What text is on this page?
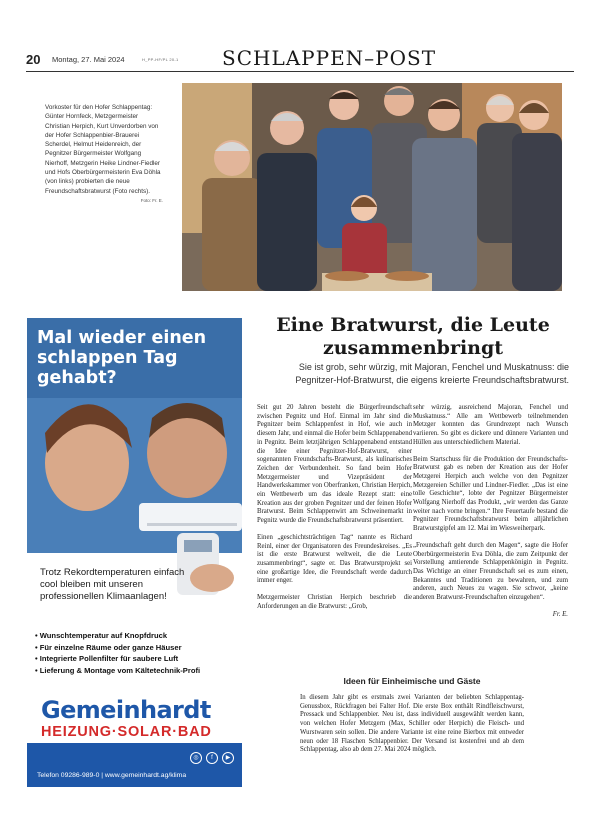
20 Montag, 27. Mai 2024	H_PP-HF/PL 20-1 SCHLAPPEN–POST
Vorkoster für den Hofer Schlappentag: Günter Hornfeck, Metzgermeister Christian Herpich, Kurt Unverdorben von der Hofer Schlappenbier-Brauerei Scherdel, Helmut Heidenreich, der Pegnitzer Bürgermeister Wolfgang Nierhoff, Metzgerin Heike Lindner-Fiedler und Hofs Oberbürgermeisterin Eva Döhla (von links) probierten die neue Freundschaftsbratwurst (Foto rechts).
Foto: Fr. E.
Mal wieder einen schlappen Tag gehabt?
Trotz Rekordtemperaturen einfach cool bleiben mit unseren professionellen Klimaanlagen!
• Wunschtemperatur auf Knopfdruck
• Für einzelne Räume oder ganze Häuser
• Integrierte Pollenfilter für saubere Luft
• Lieferung & Montage vom Kältetechnik-Profi
Gemeinhardt
HEIZUNG·SOLAR·BAD
◎	f	▶
Telefon 09286-989-0 | www.gemeinhardt.ag/klima
Eine Bratwurst, die Leute zusammenbringt

Sie ist grob, sehr würzig, mit Majoran, Fenchel und Muskatnuss: die Pegnitzer-Hof-Bratwurst, die eigens kreierte Freundschaftsbratwurst.

Seit gut 20 Jahren besteht die Bürgerfreundschaft zwischen Pegnitz und Hof. Einmal im Jahr sind die Pegnitzer beim Schlappenfest in Hof, wie auch in diesem Jahr, und einmal die Hofer beim Schlappenabend in Pegnitz. Beim letztjährigen Schlappenabend entstand die Idee einer Pegnitzer-Hof-Bratwurst, einer sogenannten Freundschafts-Bratwurst, als kulinarisches Zeichen der Verbundenheit. So fand beim Hofer Metzgermeister und Vizepräsident der Handwerkskammer von Oberfranken, Christian Herpich, ein Wettbewerb um das ideale Rezept statt: eine Kreation aus der groben Pegnitzer und der feinen Hofer Bratwurst. Beim Schlappenwirt am Schweinemarkt in Pegnitz wurde die Freundschaftsbratwurst präsentiert.

Einen „geschichtsträchtigen Tag“ nannte es Richard Reinl, einer der Organisatoren des Freundeskreises. „Es ist die erste Bratwurst weltweit, die die Leute zusammenbringt“, sagte er. Das Bratwurstprojekt sei eine großartige Idee, die Freundschaft werde dadurch immer enger.

Metzgermeister Christian Herpich beschrieb die Anforderungen an die Bratwurst: „Grob,

sehr würzig, ausreichend Majoran, Fenchel und Muskatnuss.“ Alle am Wettbewerb teilnehmenden Metzger konnten das Grundrezept nach Wunsch variieren. So gibt es dickere und dünnere Varianten und Hüllen aus unterschiedlichem Material.

Beim Startschuss für die Produktion der Freundschafts-Bratwurst gab es neben der Kreation aus der Hofer Metzgerei Herpich auch welche von den Pegnitzer Metzgereien Schiller und Lindner-Fiedler. „Das ist eine tolle Geschichte“, lobte der Pegnitzer Bürgermeister Wolfgang Nierhoff das Produkt, „wir werden das Ganze weiter nach vorne bringen.“ Ihre Feuertaufe bestand die Pegnitzer Freundschaftsbratwurst beim alljährlichen Bratwurstgipfel am 12. Mai im Wiesweiherpark.

„Freundschaft geht durch den Magen“, sagte die Hofer Oberbürgermeisterin Eva Döhla, die zum Zeitpunkt der Vorstellung amtierende Schlappenkönigin in Pegnitz. Das Wichtige an einer Freundschaft sei es zum einen, Bekanntes und Traditionen zu bewahren, und zum anderen, auch Neues zu wagen. Sie schwor, „keine anderen Bratwurst-Freundschaften einzugehen“.

Fr. E.
Ideen für Einheimische und Gäste

In diesem Jahr gibt es erstmals zwei Varianten der beliebten Schlappentag-Genussbox, Rückfragen bei Falter Hof. Die erste Box enthält Rindfleischwurst, Pressack und Schlappenbier. Neu ist, dass individuell ausgewählt werden kann, von welchen Hofer Metzgern (Max, Schiller oder Herpich) die Fleisch- und Wurstwaren sein sollen. Die andere Variante ist eine reine Bierbox mit entweder neun oder 18 Flaschen Schlappenbier. Der Versand ist kostenfrei und ab dem Schlappentag, also ab dem 27. Mai 2024 möglich.
